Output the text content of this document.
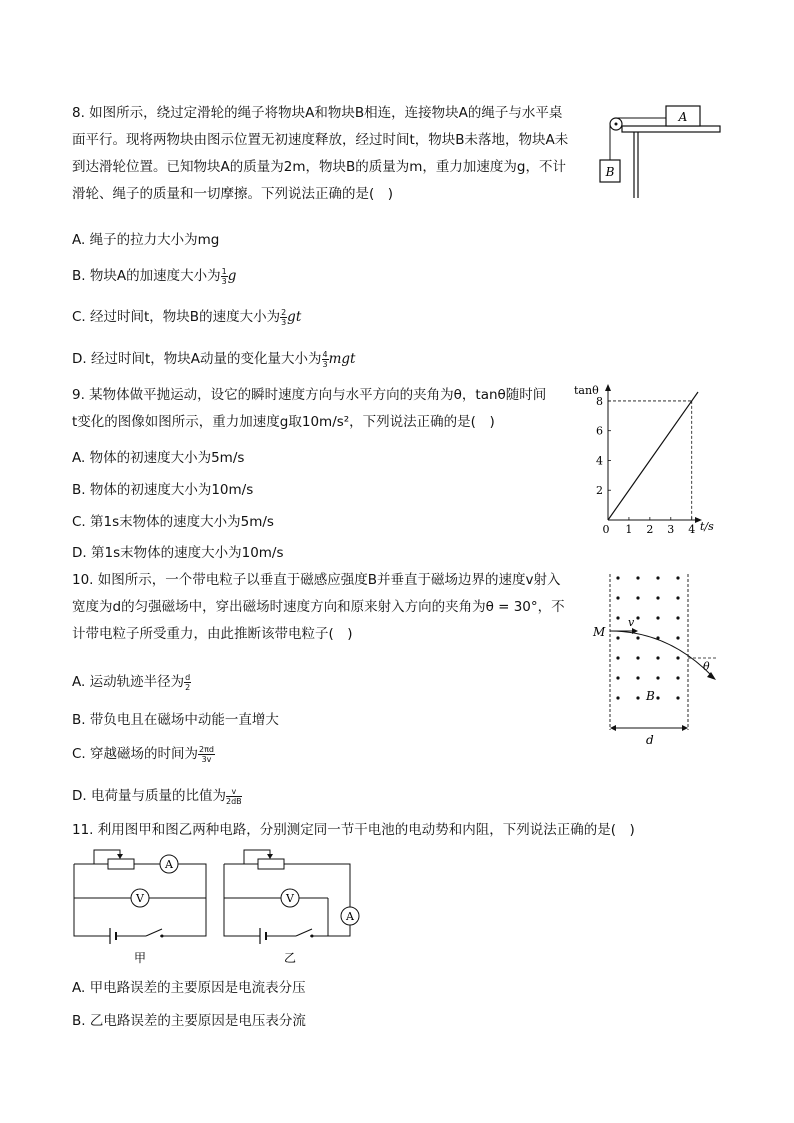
8. 如图所示，绕过定滑轮的绳子将物块A和物块B相连，连接物块A的绳子与水平桌

面平行。现将两物块由图示位置无初速度释放，经过时间t，物块B未落地，物块A未

到达滑轮位置。已知物块A的质量为2m，物块B的质量为m，重力加速度为g，不计

滑轮、绳子的质量和一切摩擦。下列说法正确的是(　)

A. 绳子的拉力大小为mg
B. 物块A的加速度大小为 $\frac{1}{3}$ g
C. 经过时间t，物块B的速度大小为 $\frac{2}{3}$ gt
D. 经过时间t，物块A动量的变化量大小为 $\frac{4}{3}$ mgt
A
B

9. 某物体做平抛运动，设它的瞬时速度方向与水平方向的夹角为θ，tanθ随时间

t变化的图像如图所示，重力加速度g取10m/s²，下列说法正确的是(　)

A. 物体的初速度大小为5m/s
B. 物体的初速度大小为10m/s
C. 第1s末物体的速度大小为5m/s
D. 第1s末物体的速度大小为10m/s
tanθ
t/s
0 1 2 3 4
2
4
6
8

10. 如图所示，一个带电粒子以垂直于磁感应强度B并垂直于磁场边界的速度v射入

宽度为d的匀强磁场中，穿出磁场时速度方向和原来射入方向的夹角为θ = 30°，不

计带电粒子所受重力，由此推断该带电粒子(　)

A. 运动轨迹半径为 $\frac{d}{2}$
B. 带负电且在磁场中动能一直增大
C. 穿越磁场的时间为 $\frac{2\pi d}{3v}$
D. 电荷量与质量的比值为 $\frac{v}{2dB}$
M
v
θ
B
d

11. 利用图甲和图乙两种电路，分别测定同一节干电池的电动势和内阻，下列说法正确的是(　)

A
V
甲
V
A
乙
A. 甲电路误差的主要原因是电流表分压
B. 乙电路误差的主要原因是电压表分流
